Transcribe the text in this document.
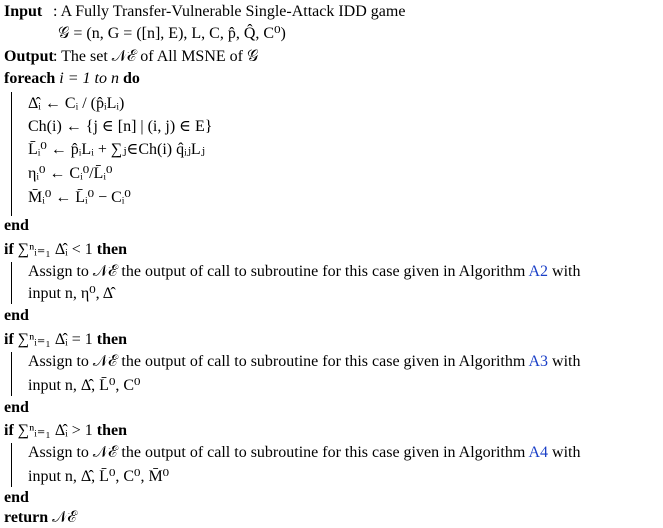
Input : A Fully Transfer-Vulnerable Single-Attack IDD game
𝒢 = (n, G = ([n], E), L, C, p̂, Q̂, C⁰)
Output: The set 𝒩ℰ of All MSNE of 𝒢
foreach i = 1 to n do
Δ̂ᵢ ← Cᵢ / (p̂ᵢLᵢ)
Ch(i) ← {j ∈ [n] | (i, j) ∈ E}
L̄ᵢ⁰ ← p̂ᵢLᵢ + ∑ⱼ∈Ch(i) q̂ᵢⱼLⱼ
ηᵢ⁰ ← Cᵢ⁰/L̄ᵢ⁰
M̄ᵢ⁰ ← L̄ᵢ⁰ − Cᵢ⁰
end
if ∑ⁿᵢ₌₁ Δ̂ᵢ < 1 then
Assign to 𝒩ℰ the output of call to subroutine for this case given in Algorithm A2 with
input n, η⁰, Δ̂
end
if ∑ⁿᵢ₌₁ Δ̂ᵢ = 1 then
Assign to 𝒩ℰ the output of call to subroutine for this case given in Algorithm A3 with
input n, Δ̂, L̄⁰, C⁰
end
if ∑ⁿᵢ₌₁ Δ̂ᵢ > 1 then
Assign to 𝒩ℰ the output of call to subroutine for this case given in Algorithm A4 with
input n, Δ̂, L̄⁰, C⁰, M̄⁰
end
return 𝒩ℰ
